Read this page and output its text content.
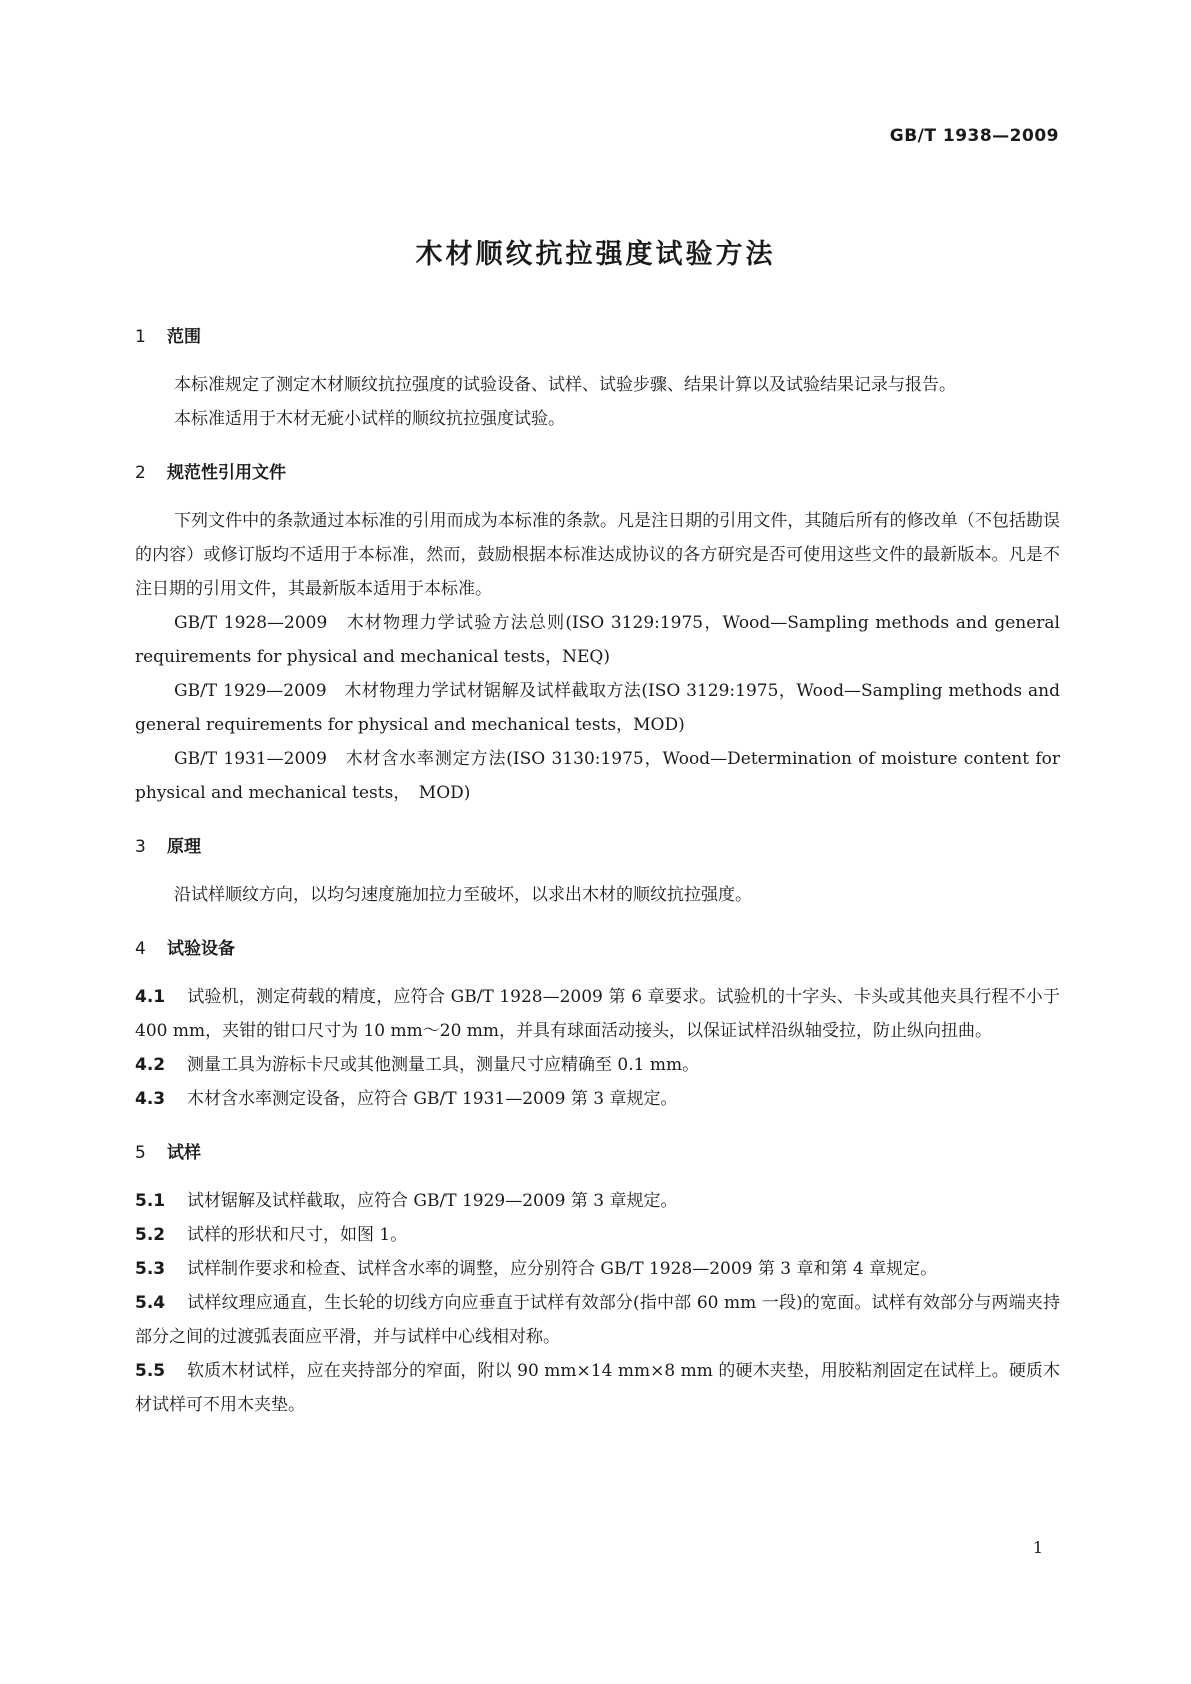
GB/T 1938—2009
木材顺纹抗拉强度试验方法
1 范围

本标准规定了测定木材顺纹抗拉强度的试验设备、试样、试验步骤、结果计算以及试验结果记录与报告。

本标准适用于木材无疵小试样的顺纹抗拉强度试验。

2 规范性引用文件

下列文件中的条款通过本标准的引用而成为本标准的条款。凡是注日期的引用文件，其随后所有的修改单（不包括勘误的内容）或修订版均不适用于本标准，然而，鼓励根据本标准达成协议的各方研究是否可使用这些文件的最新版本。凡是不注日期的引用文件，其最新版本适用于本标准。

GB/T 1928—2009　木材物理力学试验方法总则(ISO 3129:1975，Wood—Sampling methods and general requirements for physical and mechanical tests，NEQ)

GB/T 1929—2009　木材物理力学试材锯解及试样截取方法(ISO 3129:1975，Wood—Sampling methods and general requirements for physical and mechanical tests，MOD)

GB/T 1931—2009　木材含水率测定方法(ISO 3130:1975，Wood—Determination of moisture content for physical and mechanical tests，　MOD)

3 原理

沿试样顺纹方向，以均匀速度施加拉力至破坏，以求出木材的顺纹抗拉强度。

4 试验设备

4.1 试验机，测定荷载的精度，应符合 GB/T 1928—2009 第 6 章要求。试验机的十字头、卡头或其他夹具行程不小于 400 mm，夹钳的钳口尺寸为 10 mm～20 mm，并具有球面活动接头，以保证试样沿纵轴受拉，防止纵向扭曲。

4.2 测量工具为游标卡尺或其他测量工具，测量尺寸应精确至 0.1 mm。

4.3 木材含水率测定设备，应符合 GB/T 1931—2009 第 3 章规定。

5 试样

5.1 试材锯解及试样截取，应符合 GB/T 1929—2009 第 3 章规定。

5.2 试样的形状和尺寸，如图 1。

5.3 试样制作要求和检查、试样含水率的调整，应分别符合 GB/T 1928—2009 第 3 章和第 4 章规定。

5.4 试样纹理应通直，生长轮的切线方向应垂直于试样有效部分(指中部 60 mm 一段)的宽面。试样有效部分与两端夹持部分之间的过渡弧表面应平滑，并与试样中心线相对称。

5.5 软质木材试样，应在夹持部分的窄面，附以 90 mm×14 mm×8 mm 的硬木夹垫，用胶粘剂固定在试样上。硬质木材试样可不用木夹垫。

1
